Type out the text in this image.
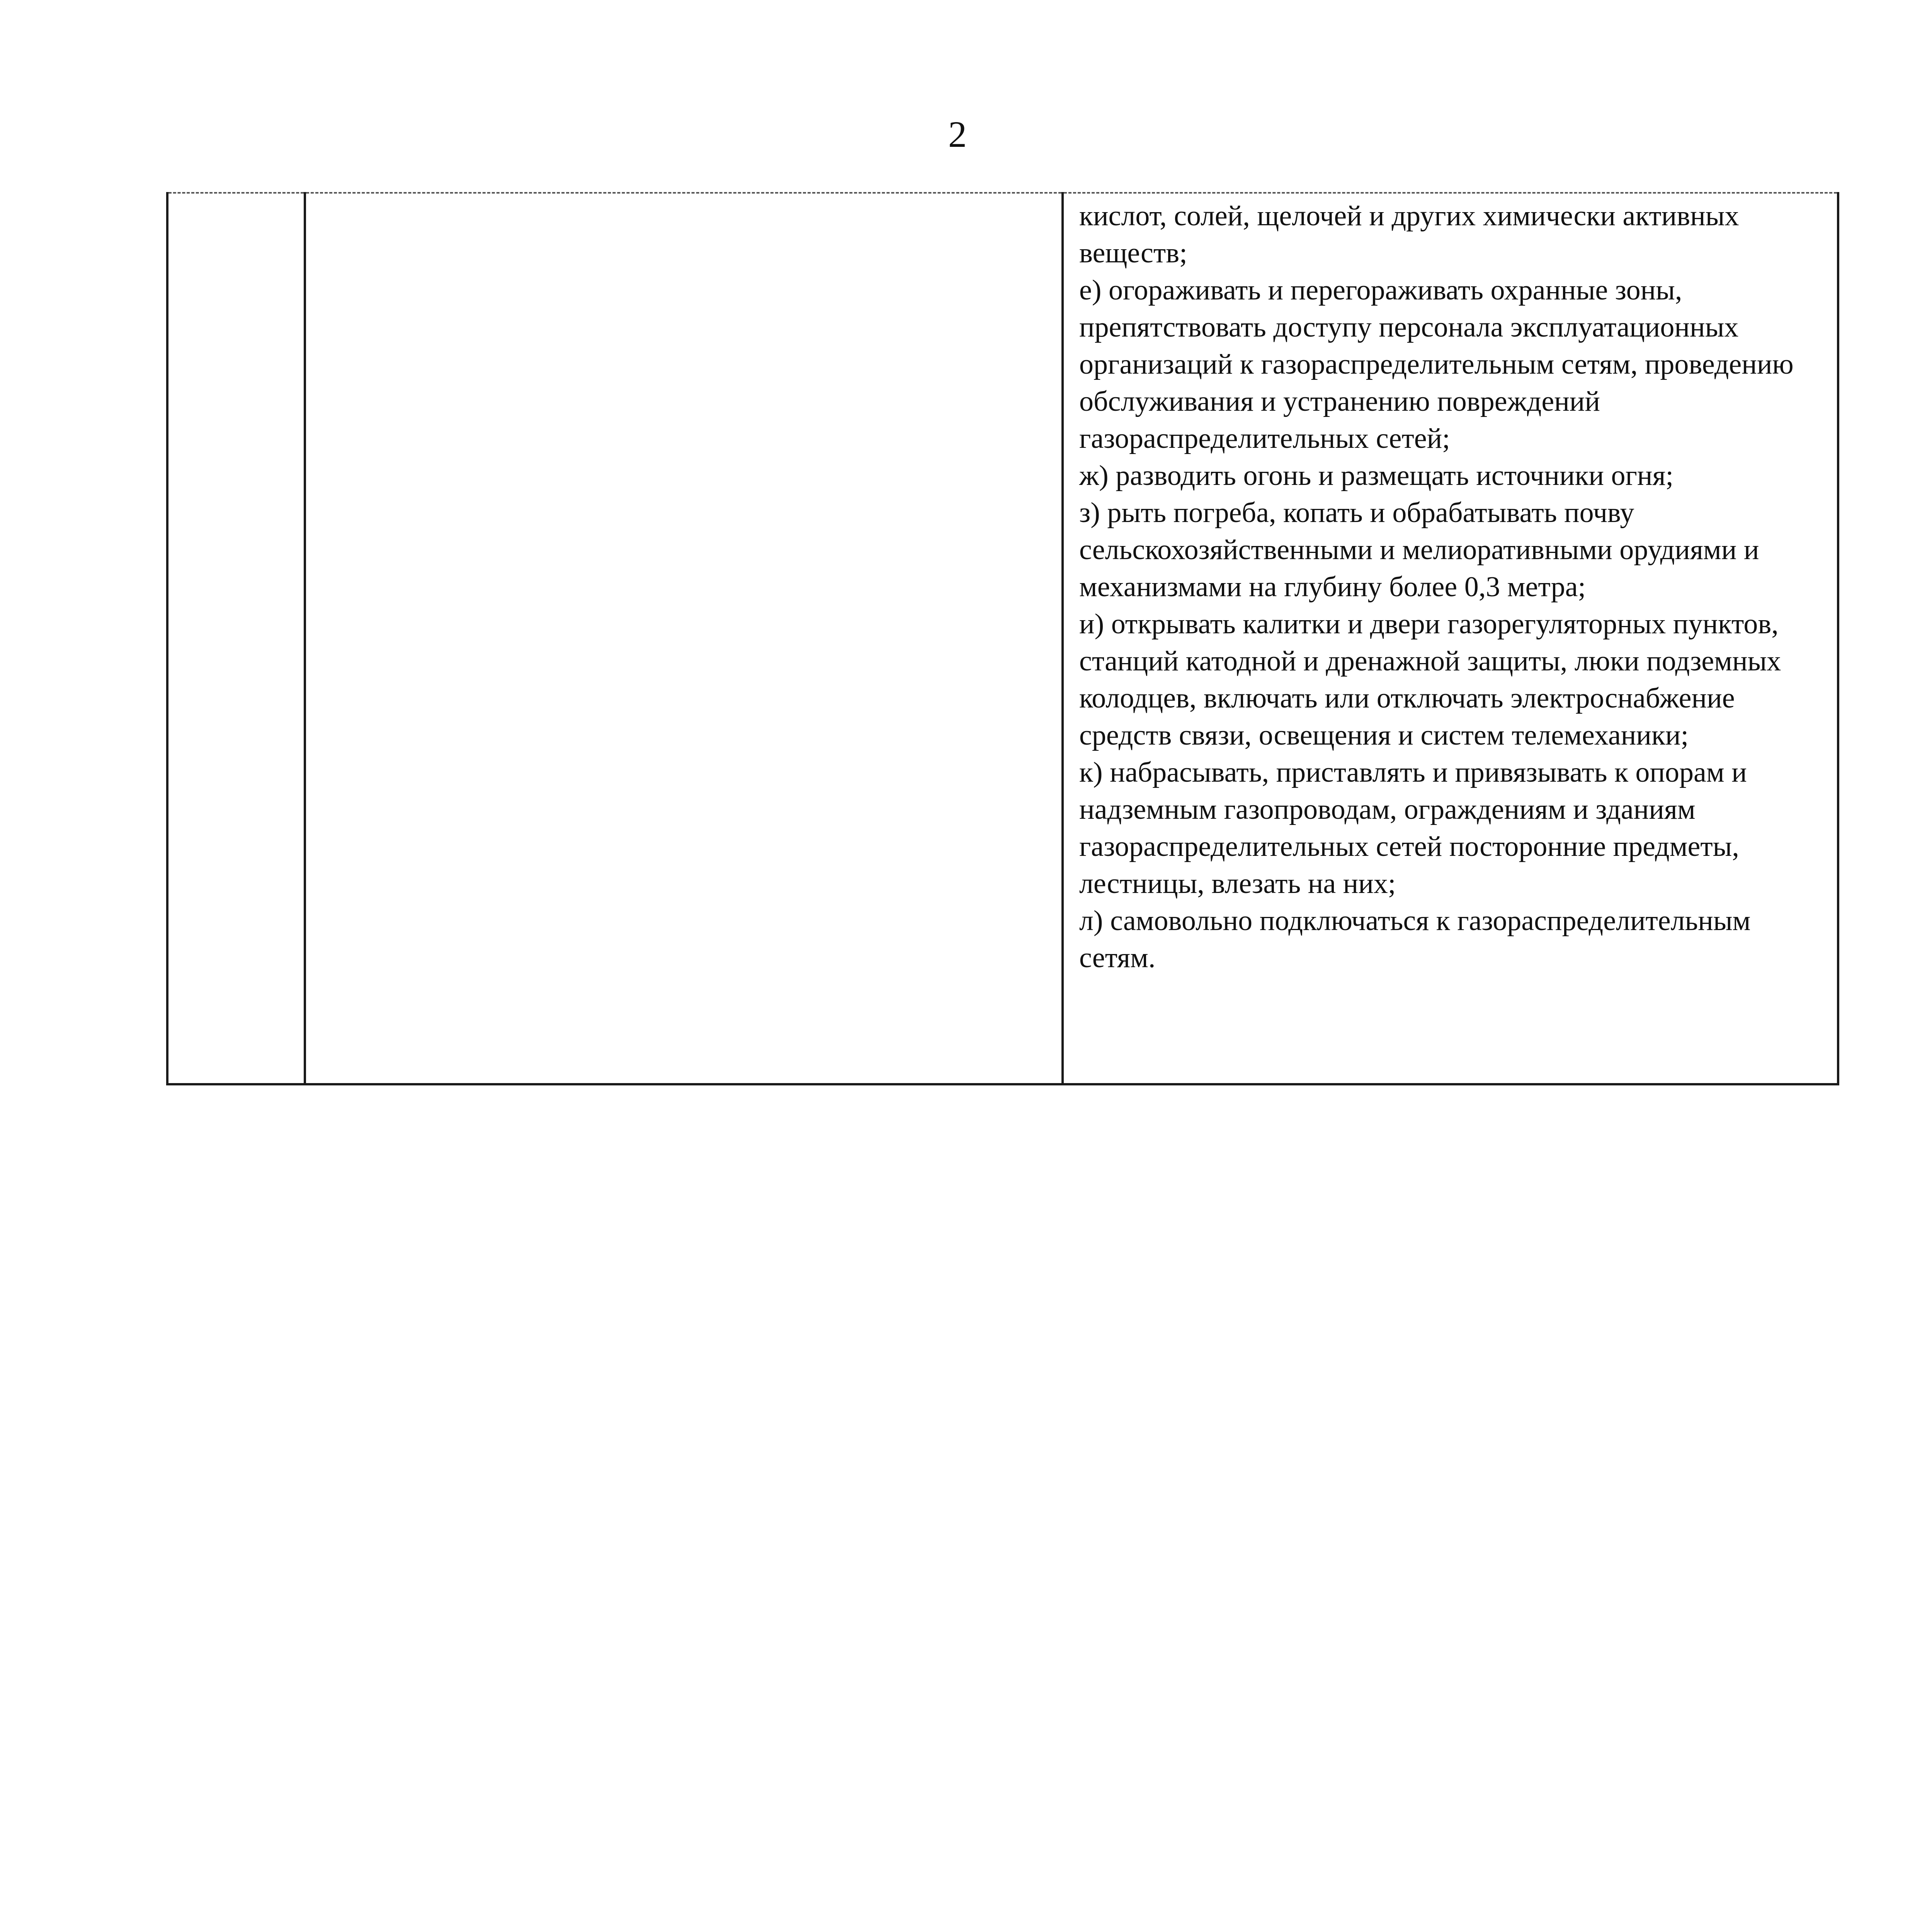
2

кислот, солей, щелочей и других химически активных веществ;
е) огораживать и перегораживать охранные зоны, препятствовать доступу персонала эксплуатационных организаций к газораспределительным сетям, проведению обслуживания и устранению повреждений газораспределительных сетей;
ж) разводить огонь и размещать источники огня;
з) рыть погреба, копать и обрабатывать почву сельскохозяйственными и мелиоративными орудиями и механизмами на глубину более 0,3 метра;
и) открывать калитки и двери газорегуляторных пунктов, станций катодной и дренажной защиты, люки подземных колодцев, включать или отключать электроснабжение средств связи, освещения и систем телемеханики;
к) набрасывать, приставлять и привязывать к опорам и надземным газопроводам, ограждениям и зданиям газораспределительных сетей посторонние предметы, лестницы, влезать на них;
л) самовольно подключаться к газораспределительным сетям.
